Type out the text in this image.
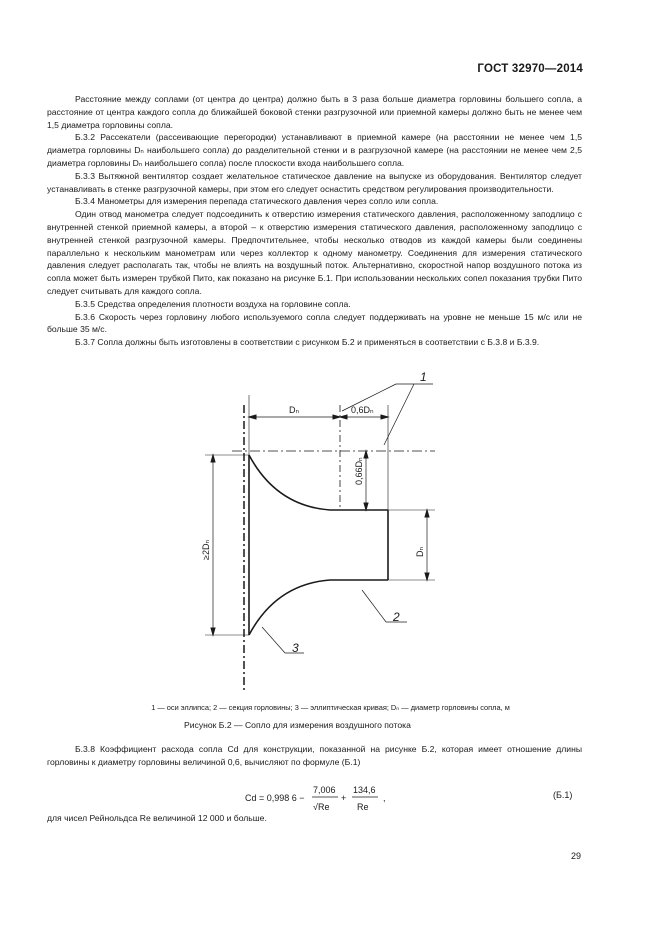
ГОСТ 32970—2014

Расстояние между соплами (от центра до центра) должно быть в 3 раза больше диаметра горловины большего сопла, а расстояние от центра каждого сопла до ближайшей боковой стенки разгрузочной или приемной камеры должно быть не менее чем 1,5 диаметра горловины сопла.

Б.3.2 Рассекатели (рассеивающие перегородки) устанавливают в приемной камере (на расстоянии не менее чем 1,5 диаметра горловины Dₙ наибольшего сопла) до разделительной стенки и в разгрузочной камере (на расстоянии не менее чем 2,5 диаметра горловины Dₙ наибольшего сопла) после плоскости входа наибольшего сопла.

Б.3.3 Вытяжной вентилятор создает желательное статическое давление на выпуске из оборудования. Вентилятор следует устанавливать в стенке разгрузочной камеры, при этом его следует оснастить средством регулирования производительности.

Б.3.4 Манометры для измерения перепада статического давления через сопло или сопла.

Один отвод манометра следует подсоединить к отверстию измерения статического давления, расположенному заподлицо с внутренней стенкой приемной камеры, а второй – к отверстию измерения статического давления, расположенному заподлицо с внутренней стенкой разгрузочной камеры. Предпочтительнее, чтобы несколько отводов из каждой камеры были соединены параллельно к нескольким манометрам или через коллектор к одному манометру. Соединения для измерения статического давления следует располагать так, чтобы не влиять на воздушный поток. Альтернативно, скоростной напор воздушного потока из сопла может быть измерен трубкой Пито, как показано на рисунке Б.1. При использовании нескольких сопел показания трубки Пито следует считывать для каждого сопла.

Б.3.5 Средства определения плотности воздуха на горловине сопла.

Б.3.6 Скорость через горловину любого используемого сопла следует поддерживать на уровне не меньше 15 м/с или не больше 35 м/с.

Б.3.7 Сопла должны быть изготовлены в соответствии с рисунком Б.2 и применяться в соответствии с Б.3.8 и Б.3.9.

Dₙ	0,6Dₙ
0,66Dₙ
≥2Dₙ	Dₙ
1
2
3
1 — оси эллипса; 2 — секция горловины; 3 — эллиптическая кривая; Dₙ — диаметр горловины сопла, м
Рисунок Б.2 — Сопло для измерения воздушного потока

Б.3.8 Коэффициент расхода сопла Cd для конструкции, показанной на рисунке Б.2, которая имеет отношение длины горловины к диаметру горловины величиной 0,6, вычисляют по формуле (Б.1)

Cd = 0,998 6 −
7,006
√Re
+
134,6
Re
,	(Б.1)
для чисел Рейнольдса Re величиной 12 000 и больше.
29
